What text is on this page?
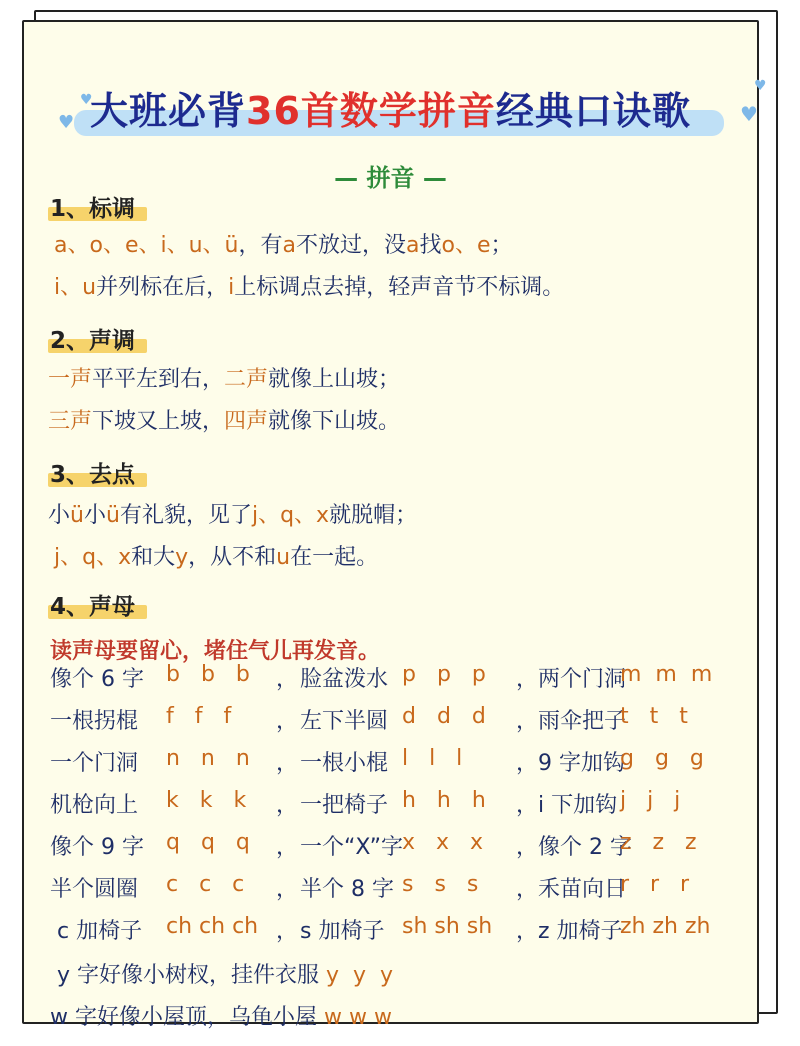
♥
♥
♥
♥
大班必背36首数学拼音经典口诀歌
— 拼音 —
1、标调
a、o、e、i、u、ü，有a不放过，没a找o、e；
i、u并列标在后，i上标调点去掉，轻声音节不标调。
2、声调
一声平平左到右，二声就像上山坡；
三声下坡又上坡，四声就像下山坡。
3、去点
小ü小ü有礼貌，见了j、q、x就脱帽；
j、q、x和大y，从不和u在一起。
4、声母
读声母要留心，堵住气儿再发音。
像个 6 字 b   b   b ， 脸盆泼水 p   p   p ，两个门洞
m  m  m
一根拐棍 f   f   f ， 左下半圆 d   d   d ，雨伞把子
t   t   t
一个门洞 n   n   n ， 一根小棍 l   l   l ，9 字加钩
g   g   g
机枪向上 k   k   k ， 一把椅子 h   h   h ，i 下加钩 j   j   j
像个 9 字 q   q   q ， 一个“X”字 x   x   x ，像个 2 字
z   z   z
半个圆圈 c   c   c ， 半个 8 字 s   s   s ，禾苗向日
r   r   r
c 加椅子 ch ch ch ， s 加椅子 sh sh sh ，z 加椅子
zh zh zh
y 字好像小树杈，挂件衣服 y  y  y
w 字好像小屋顶，乌龟小屋 w w w
